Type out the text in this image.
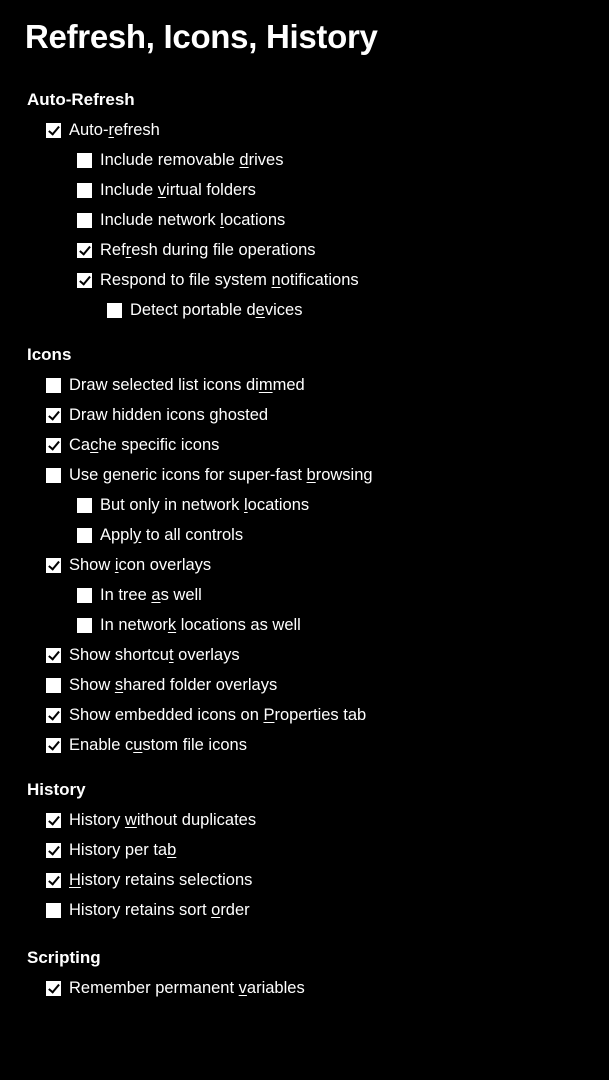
Refresh, Icons, History
Auto-Refresh
Auto-refresh
Include removable drives
Include virtual folders
Include network locations
Refresh during file operations
Respond to file system notifications
Detect portable devices
Icons
Draw selected list icons dimmed
Draw hidden icons ghosted
Cache specific icons
Use generic icons for super-fast browsing
But only in network locations
Apply to all controls
Show icon overlays
In tree as well
In network locations as well
Show shortcut overlays
Show shared folder overlays
Show embedded icons on Properties tab
Enable custom file icons
History
History without duplicates
History per tab
History retains selections
History retains sort order
Scripting
Remember permanent variables
